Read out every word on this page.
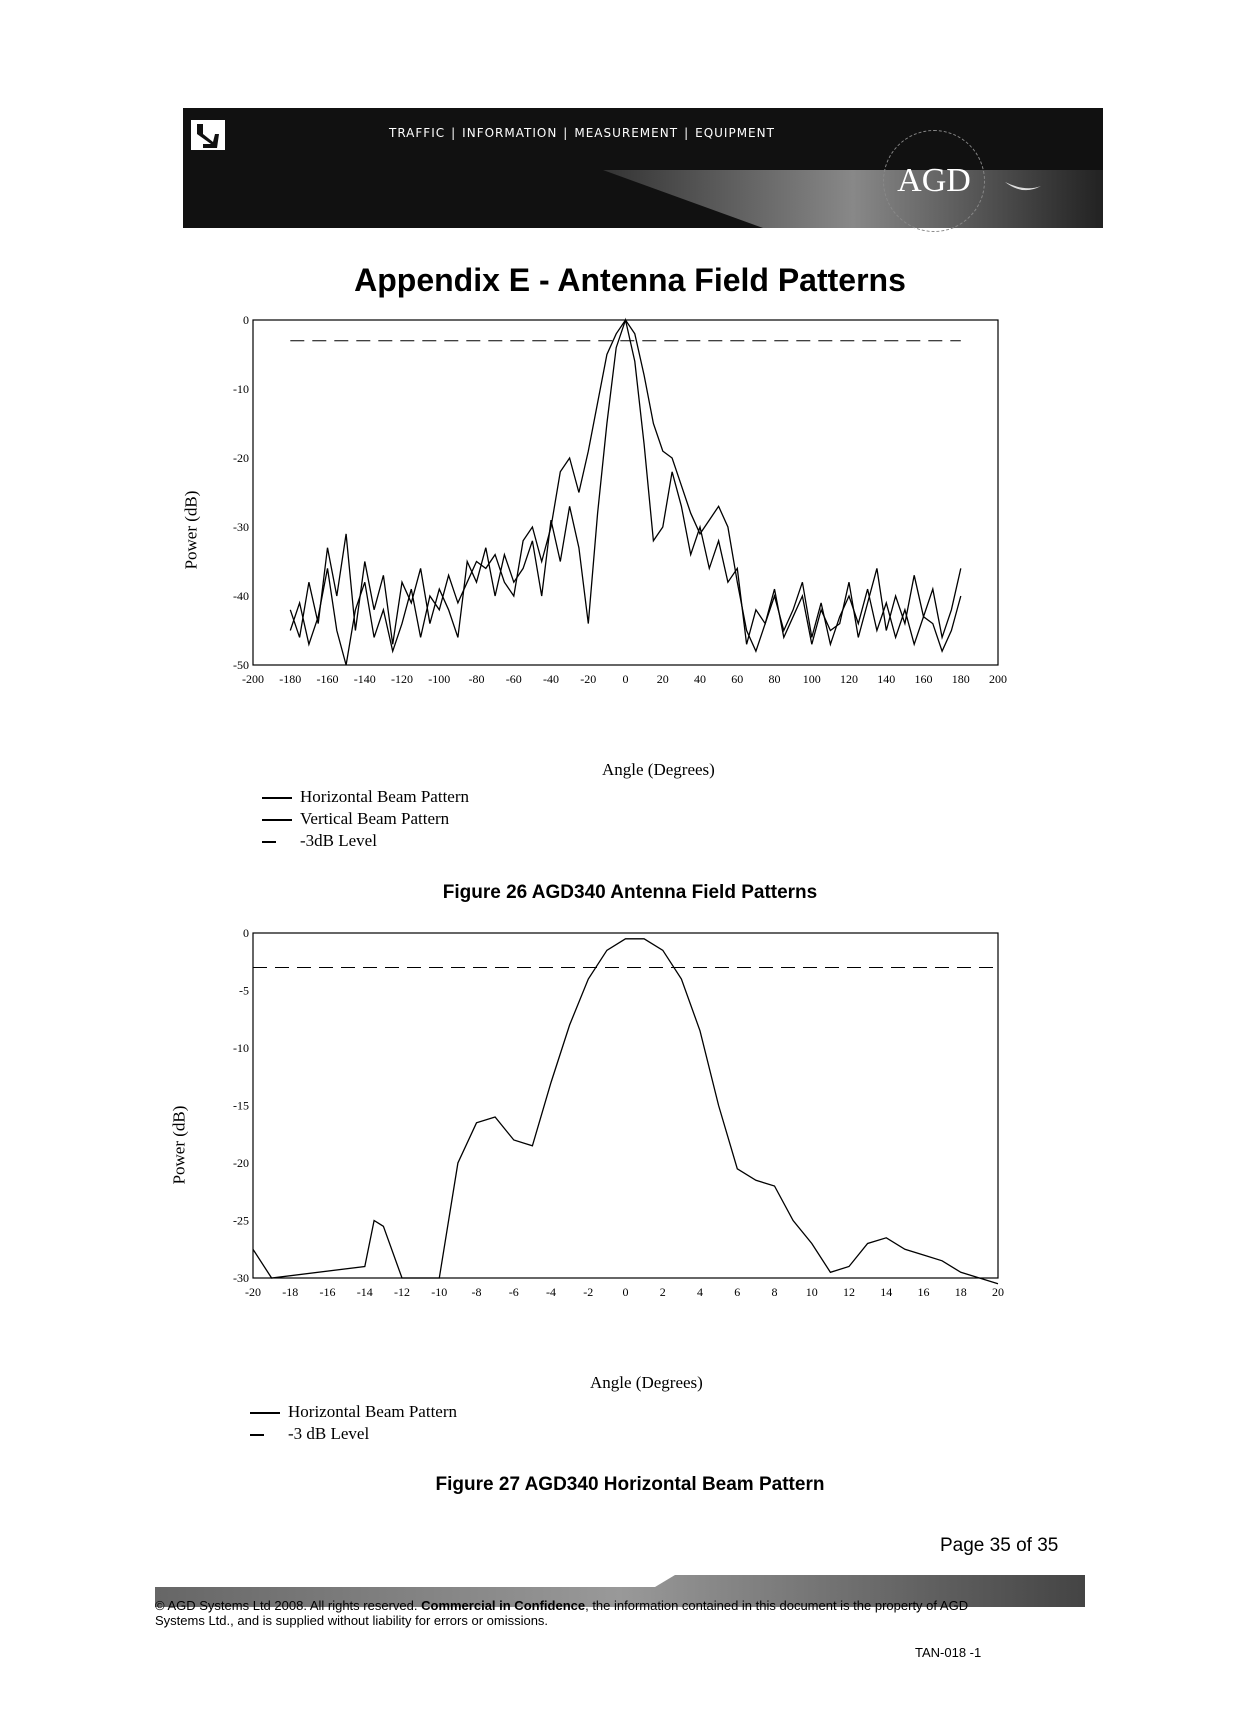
TRAFFIC | INFORMATION | MEASUREMENT | EQUIPMENT
AGD
Appendix E - Antenna Field Patterns
0
-10
-20
-30
-40
-50
-200 -180 -160 -140 -120 -100 -80 -60 -40 -20 0 20 40 60 80 100 120 140 160 180 200
Angle (Degrees)
Power (dB)
Horizontal Beam Pattern
Vertical Beam Pattern
-3dB Level
Figure 26 AGD340 Antenna Field Patterns
0
-5
-10
-15
-20
-25
-30
-20 -18 -16 -14 -12 -10 -8 -6 -4 -2 0	2	4	6	8 10 12 14 16 18 20
Angle (Degrees)
Power (dB)
Horizontal Beam Pattern
-3 dB Level
Figure 27 AGD340 Horizontal Beam Pattern
Page 35 of 35
© AGD Systems Ltd 2008. All rights reserved. Commercial in Confidence, the information contained in this document is the property of AGD
Systems Ltd., and is supplied without liability for errors or omissions.
TAN-018 -1
